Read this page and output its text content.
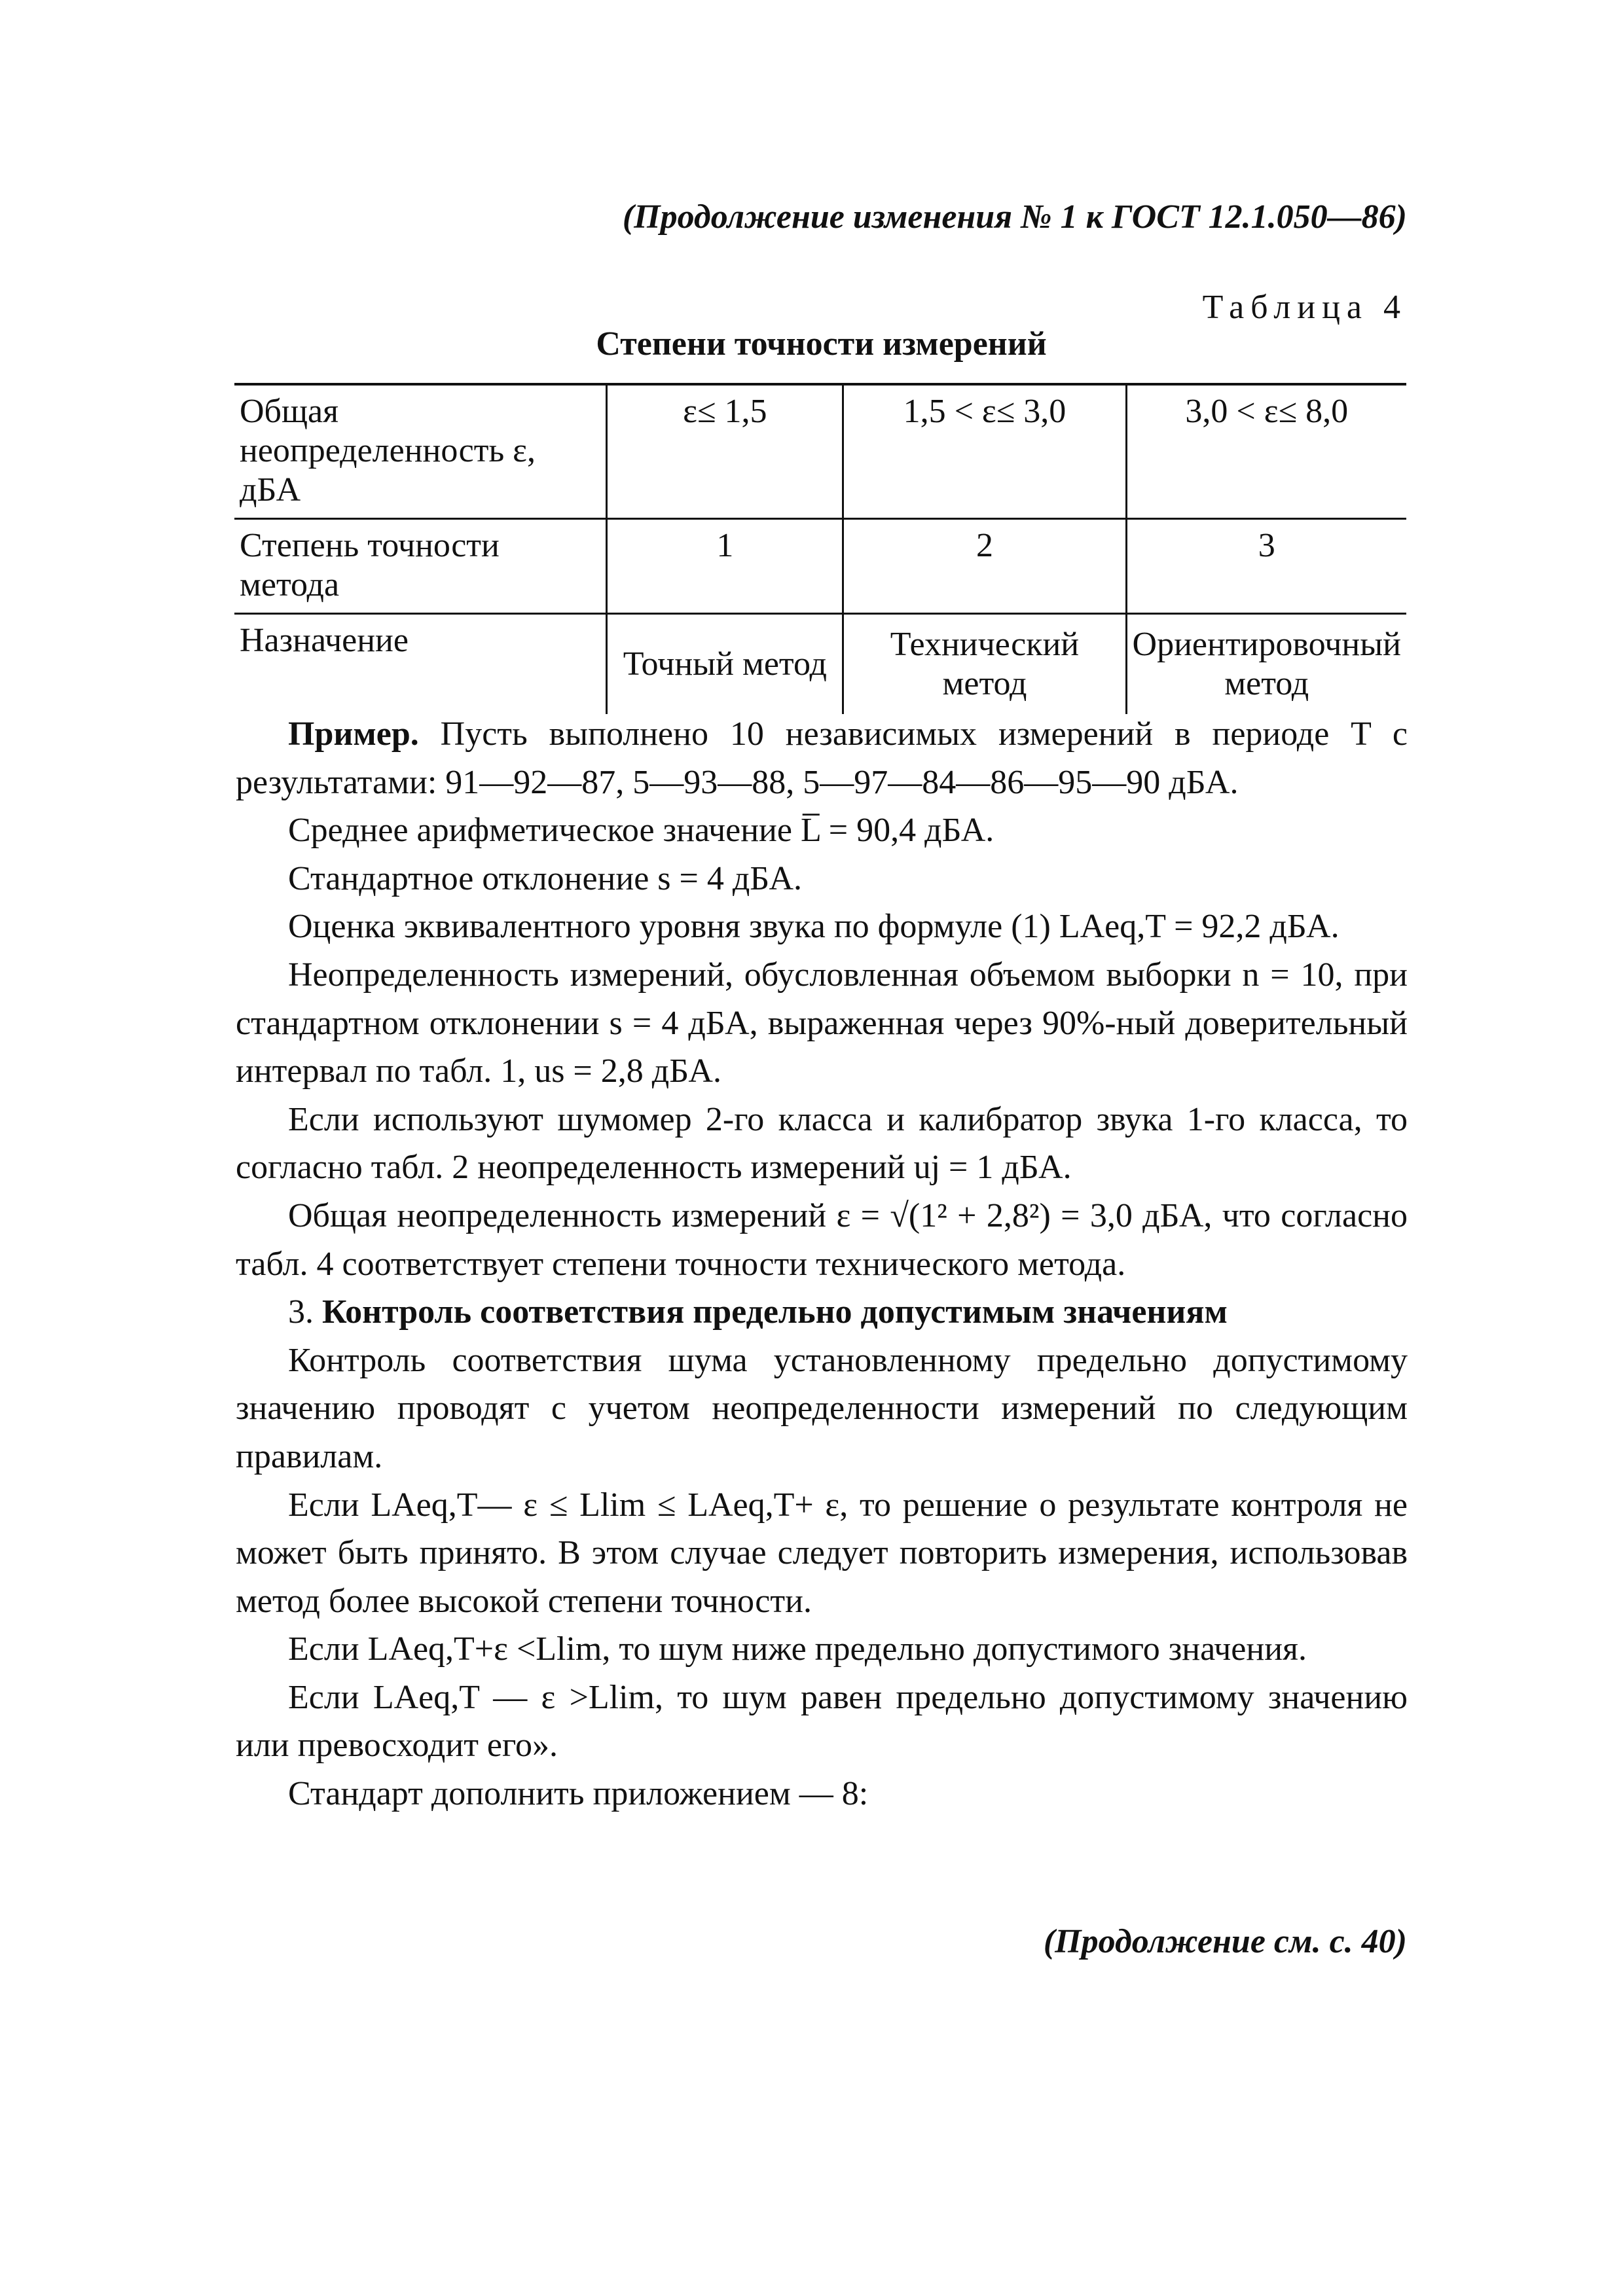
(Продолжение изменения № 1 к ГОСТ 12.1.050—86)
Таблица 4
Степени точности измерений
Общая неопределенность ε, дБА	ε≤ 1,5	1,5 < ε≤ 3,0	3,0 < ε≤ 8,0
Степень точности метода	1	2	3
Назначение	Точный метод	Технический метод	Ориентировочный метод

Пример. Пусть выполнено 10 независимых измерений в периоде T с результатами: 91—92—87, 5—93—88, 5—97—84—86—95—90 дБА.

Среднее арифметическое значение L̅ = 90,4 дБА.

Стандартное отклонение s = 4 дБА.

Оценка эквивалентного уровня звука по формуле (1) LAeq,T = 92,2 дБА.

Неопределенность измерений, обусловленная объемом выборки n = 10, при стандартном отклонении s = 4 дБА, выраженная через 90%-ный доверительный интервал по табл. 1, us = 2,8 дБА.

Если используют шумомер 2-го класса и калибратор звука 1-го класса, то согласно табл. 2 неопределенность измерений uj = 1 дБА.

Общая неопределенность измерений ε = √(1² + 2,8²) = 3,0 дБА, что согласно табл. 4 соответствует степени точности технического метода.

3. Контроль соответствия предельно допустимым значениям

Контроль соответствия шума установленному предельно допустимому значению проводят с учетом неопределенности измерений по следующим правилам.

Если LAeq,T— ε ≤ Llim ≤ LAeq,T+ ε, то решение о результате контроля не может быть принято. В этом случае следует повторить измерения, использовав метод более высокой степени точности.

Если LAeq,T+ε <Llim, то шум ниже предельно допустимого значения.

Если LAeq,T — ε >Llim, то шум равен предельно допустимому значению или превосходит его».

Стандарт дополнить приложением — 8:

(Продолжение см. с. 40)
